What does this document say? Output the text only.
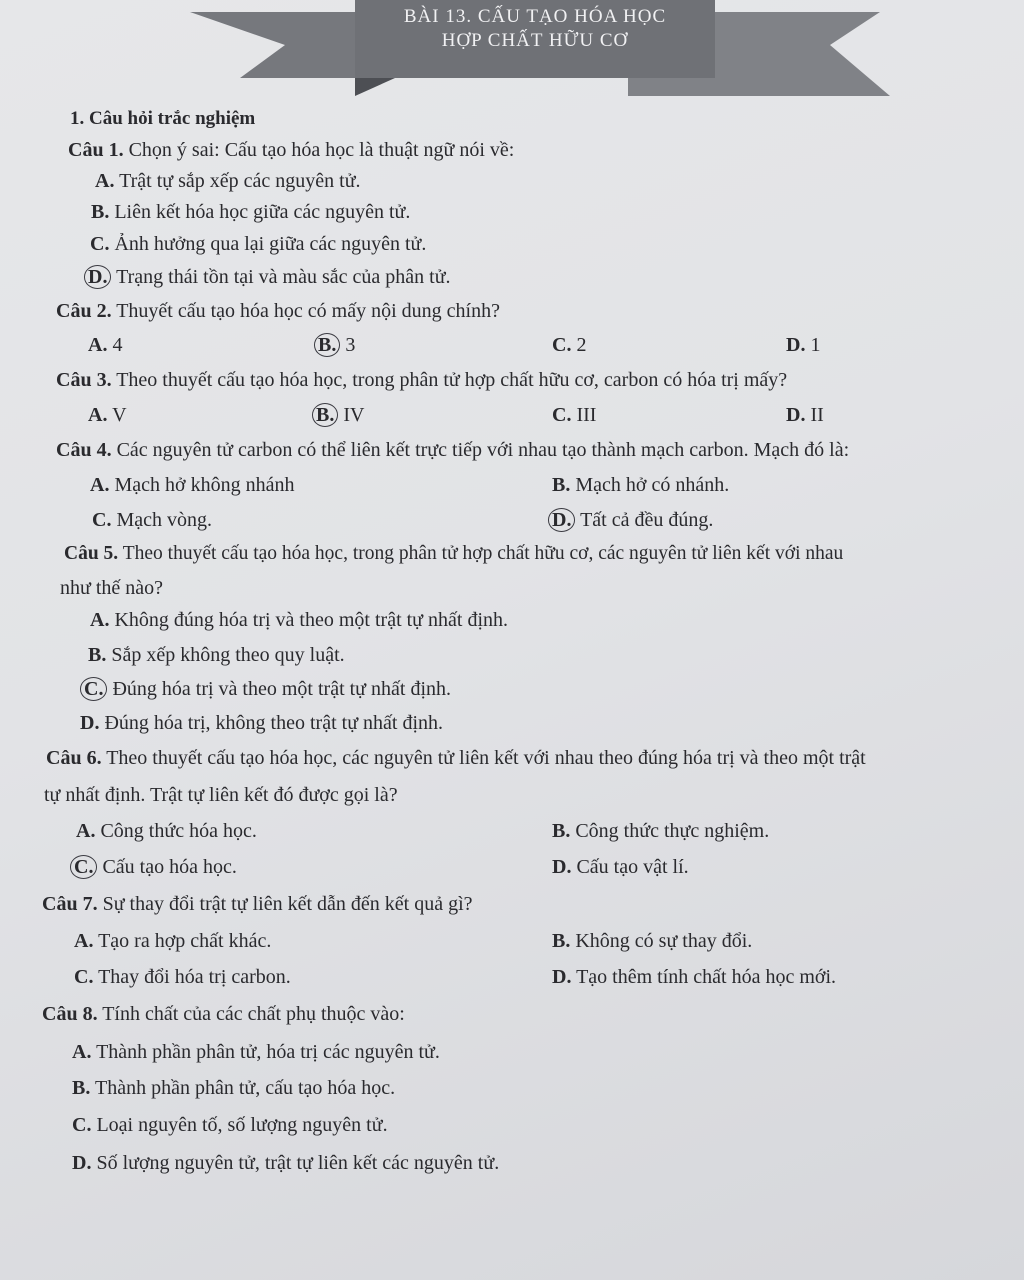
BÀI 13. CẤU TẠO HÓA HỌC
HỢP CHẤT HỮU CƠ
1. Câu hỏi trắc nghiệm
Câu 1. Chọn ý sai: Cấu tạo hóa học là thuật ngữ nói về:
A. Trật tự sắp xếp các nguyên tử.
B. Liên kết hóa học giữa các nguyên tử.
C. Ảnh hưởng qua lại giữa các nguyên tử.
D. Trạng thái tồn tại và màu sắc của phân tử.
Câu 2. Thuyết cấu tạo hóa học có mấy nội dung chính?
A. 4	B. 3	C. 2	D. 1
Câu 3. Theo thuyết cấu tạo hóa học, trong phân tử hợp chất hữu cơ, carbon có hóa trị mấy?
A. V	B. IV	C. III	D. II
Câu 4. Các nguyên tử carbon có thể liên kết trực tiếp với nhau tạo thành mạch carbon. Mạch đó là:
A. Mạch hở không nhánh	B. Mạch hở có nhánh.
C. Mạch vòng.	D. Tất cả đều đúng.
Câu 5. Theo thuyết cấu tạo hóa học, trong phân tử hợp chất hữu cơ, các nguyên tử liên kết với nhau
như thế nào?
A. Không đúng hóa trị và theo một trật tự nhất định.
B. Sắp xếp không theo quy luật.
C. Đúng hóa trị và theo một trật tự nhất định.
D. Đúng hóa trị, không theo trật tự nhất định.
Câu 6. Theo thuyết cấu tạo hóa học, các nguyên tử liên kết với nhau theo đúng hóa trị và theo một trật
tự nhất định. Trật tự liên kết đó được gọi là?
A. Công thức hóa học.	B. Công thức thực nghiệm.
C. Cấu tạo hóa học.	D. Cấu tạo vật lí.
Câu 7. Sự thay đổi trật tự liên kết dẫn đến kết quả gì?
A. Tạo ra hợp chất khác.	B. Không có sự thay đổi.
C. Thay đổi hóa trị carbon.	D. Tạo thêm tính chất hóa học mới.
Câu 8. Tính chất của các chất phụ thuộc vào:
A. Thành phần phân tử, hóa trị các nguyên tử.
B. Thành phần phân tử, cấu tạo hóa học.
C. Loại nguyên tố, số lượng nguyên tử.
D. Số lượng nguyên tử, trật tự liên kết các nguyên tử.
